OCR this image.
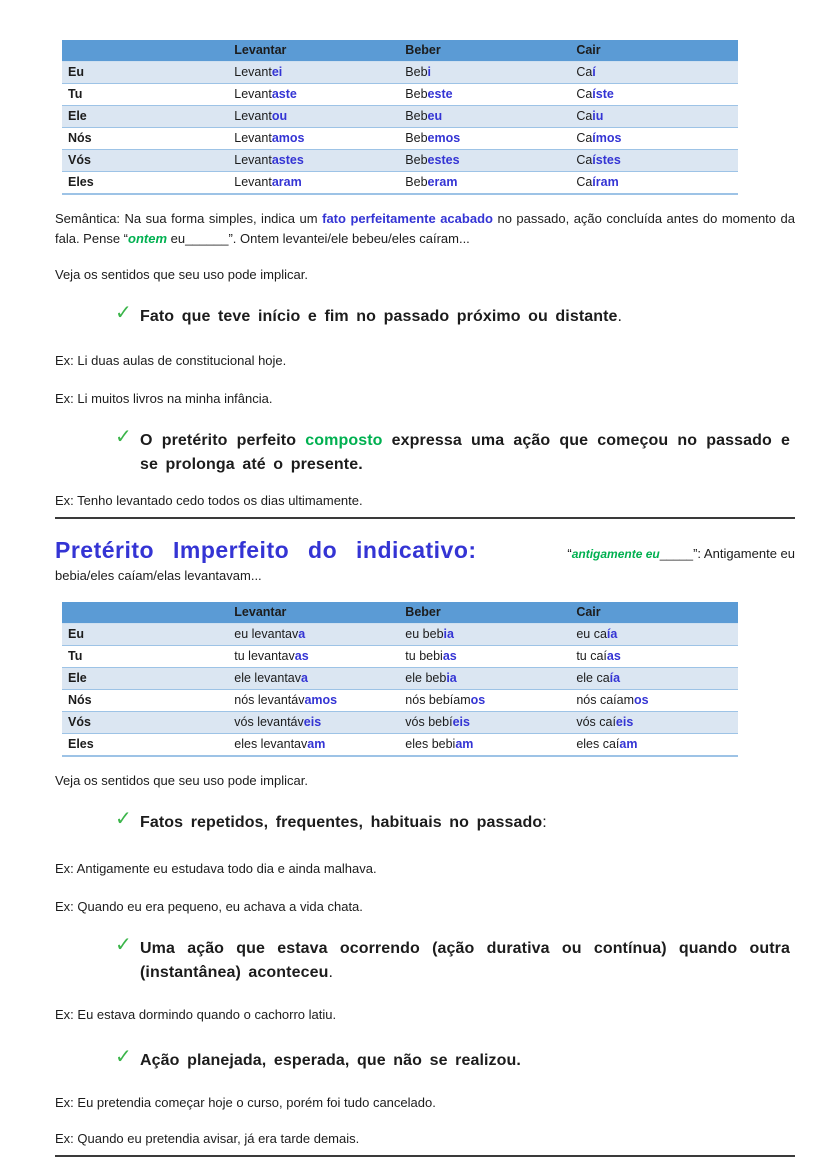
	Levantar	Beber	Cair
Eu	Levantei	Bebi	Caí
Tu	Levantaste	Bebeste	Caíste
Ele	Levantou	Bebeu	Caiu
Nós	Levantamos	Bebemos	Caímos
Vós	Levantastes	Bebestes	Caístes
Eles	Levantaram	Beberam	Caíram

Semântica: Na sua forma simples, indica um fato perfeitamente acabado no passado, ação concluída antes do momento da fala. Pense “ontem eu______”. Ontem levantei/ele bebeu/eles caíram...

Veja os sentidos que seu uso pode implicar.

✓ Fato que teve início e fim no passado próximo ou distante.

Ex: Li duas aulas de constitucional hoje.

Ex: Li muitos livros na minha infância.

✓ O pretérito perfeito composto expressa uma ação que começou no passado e se prolonga até o presente.

Ex: Tenho levantado cedo todos os dias ultimamente.

Pretérito Imperfeito do indicativo:	“antigamente eu_____”: Antigamente eu

bebia/eles caíam/elas levantavam...

	Levantar	Beber	Cair
Eu	eu levantava	eu bebia	eu caía
Tu	tu levantavas	tu bebias	tu caías
Ele	ele levantava	ele bebia	ele caía
Nós	nós levantávamos	nós bebíamos	nós caíamos
Vós	vós levantáveis	vós bebíeis	vós caíeis
Eles	eles levantavam	eles bebiam	eles caíam

Veja os sentidos que seu uso pode implicar.

✓ Fatos repetidos, frequentes, habituais no passado:

Ex: Antigamente eu estudava todo dia e ainda malhava.

Ex: Quando eu era pequeno, eu achava a vida chata.

✓ Uma ação que estava ocorrendo (ação durativa ou contínua) quando outra (instantânea) aconteceu.

Ex: Eu estava dormindo quando o cachorro latiu.

✓ Ação planejada, esperada, que não se realizou.

Ex: Eu pretendia começar hoje o curso, porém foi tudo cancelado.

Ex: Quando eu pretendia avisar, já era tarde demais.
